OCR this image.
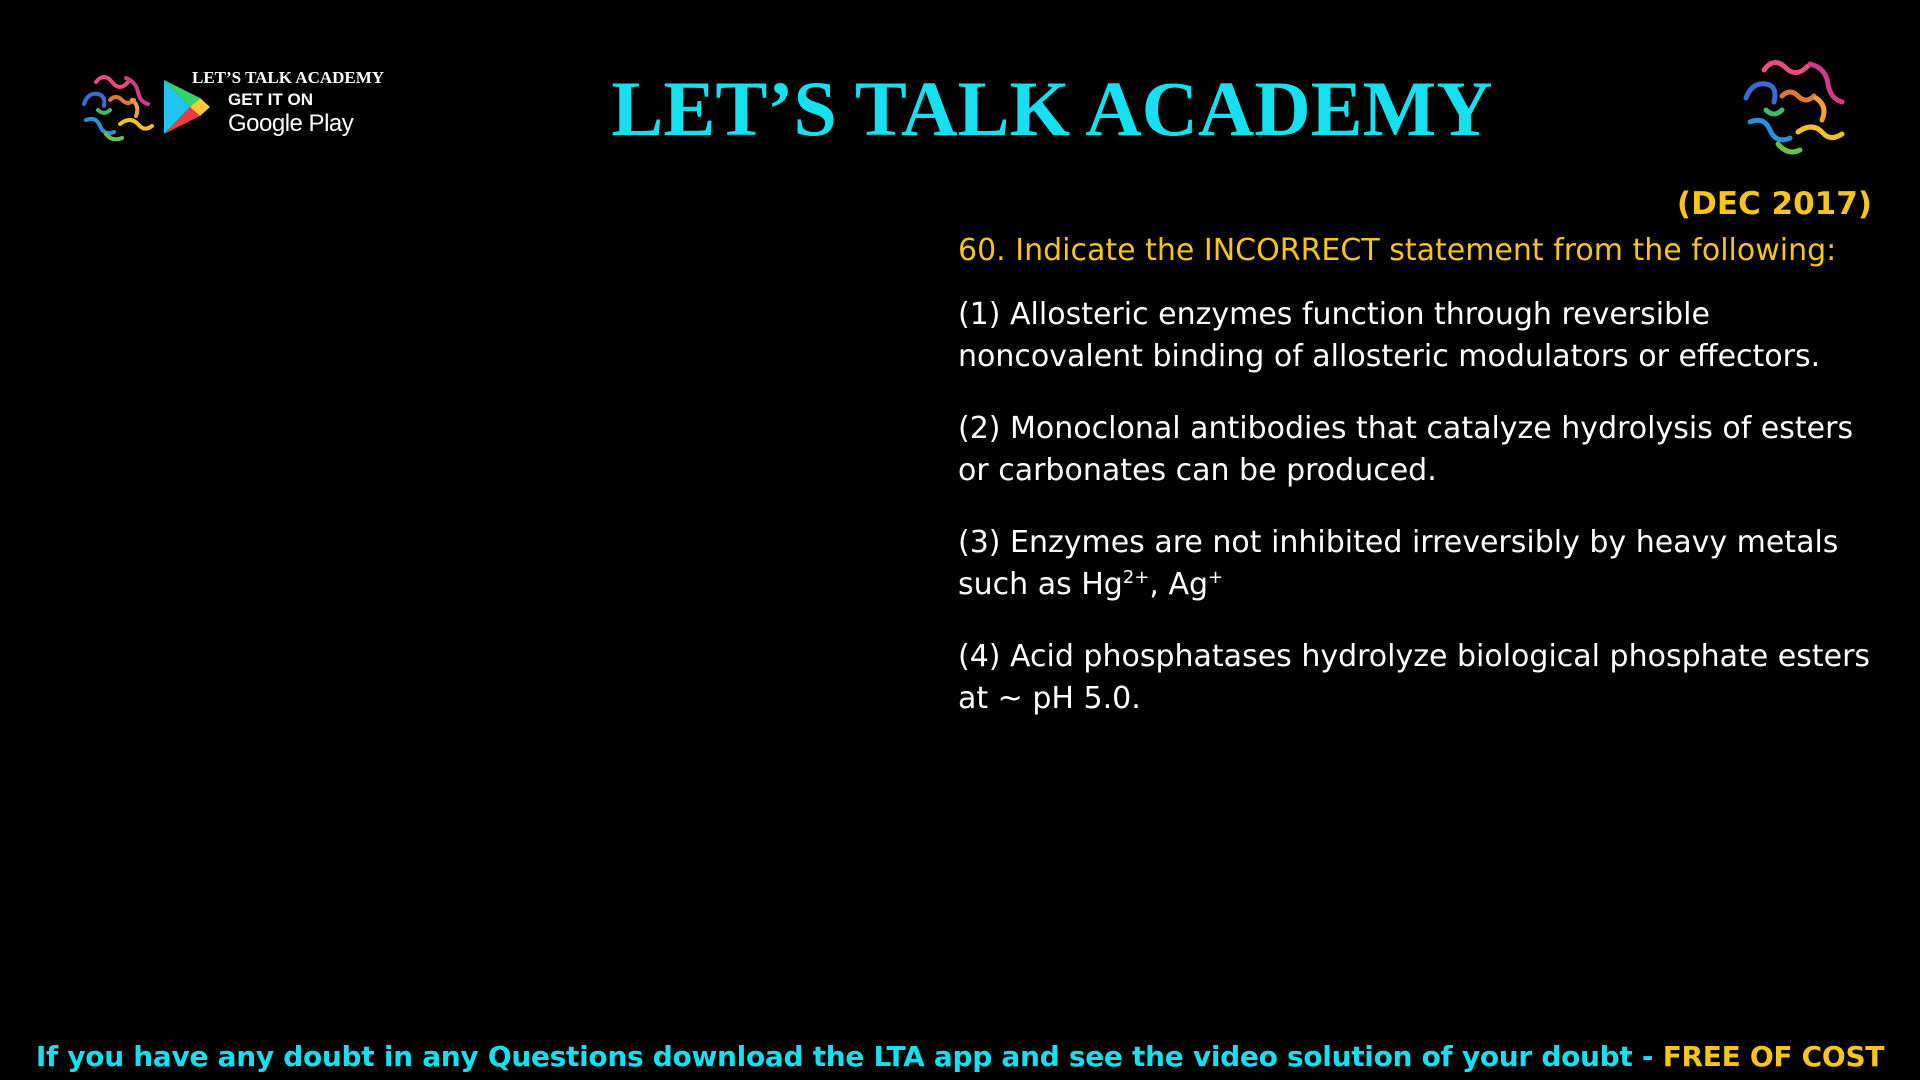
LET’S TALK ACADEMY
GET IT ON
Google Play	LET’S TALK ACADEMY
(DEC 2017)

60. Indicate the INCORRECT statement from the following:

(1) Allosteric enzymes function through reversible noncovalent binding of allosteric modulators or effectors.

(2) Monoclonal antibodies that catalyze hydrolysis of esters or carbonates can be produced.

(3) Enzymes are not inhibited irreversibly by heavy metals such as $Hg^{2+}$, Ag+

(4) Acid phosphatases hydrolyze biological phosphate esters at ~ pH 5.0.

If you have any doubt in any Questions download the LTA app and see the video solution of your doubt - FREE OF COST
